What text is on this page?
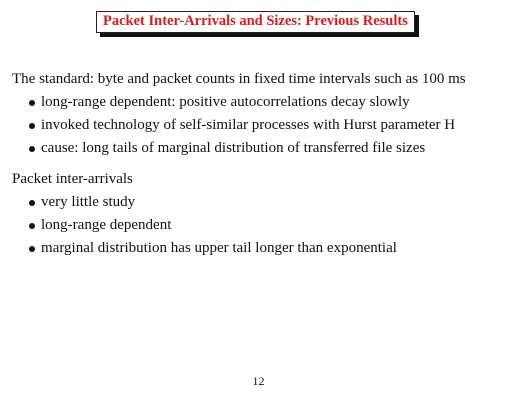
Packet Inter-Arrivals and Sizes: Previous Results
The standard: byte and packet counts in fixed time intervals such as 100 ms
long-range dependent: positive autocorrelations decay slowly
invoked technology of self-similar processes with Hurst parameter H
cause: long tails of marginal distribution of transferred file sizes
Packet inter-arrivals
very little study
long-range dependent
marginal distribution has upper tail longer than exponential
12
